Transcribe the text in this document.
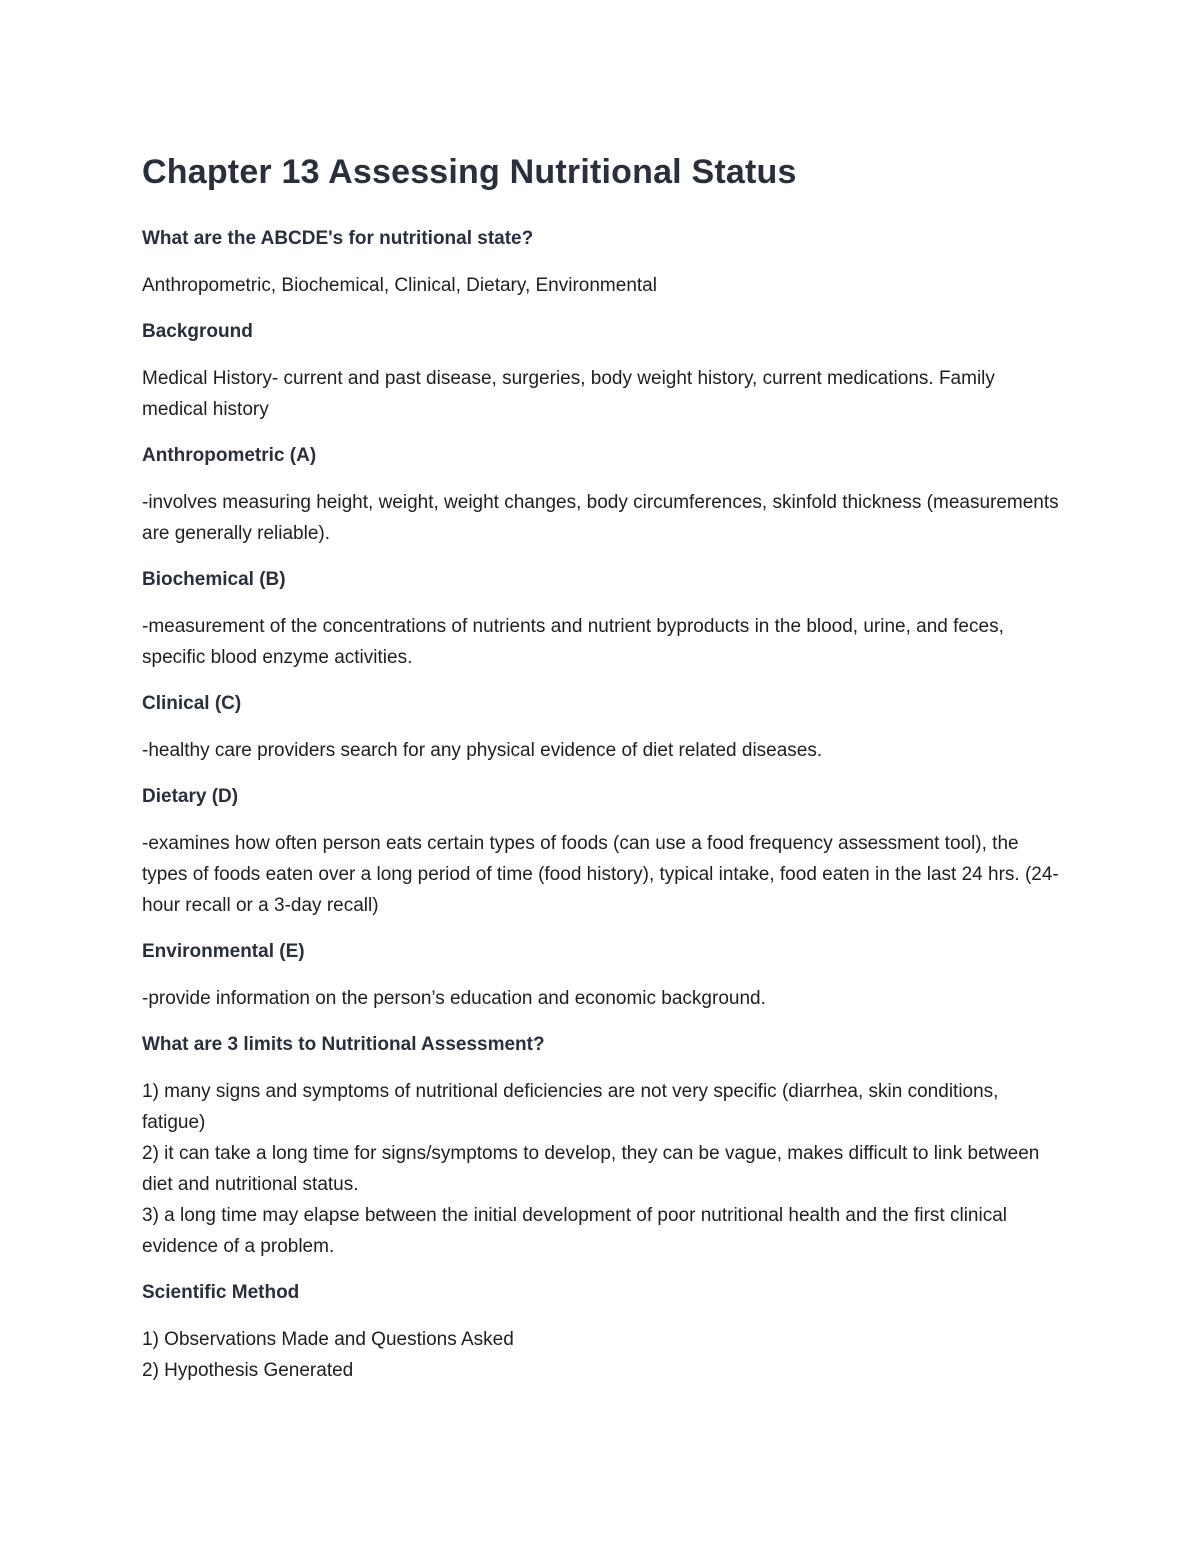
Chapter 13 Assessing Nutritional Status
What are the ABCDE's for nutritional state?
Anthropometric, Biochemical, Clinical, Dietary, Environmental
Background
Medical History- current and past disease, surgeries, body weight history, current medications. Family medical history
Anthropometric (A)
-involves measuring height, weight, weight changes, body circumferences, skinfold thickness (measurements are generally reliable).
Biochemical (B)
-measurement of the concentrations of nutrients and nutrient byproducts in the blood, urine, and feces, specific blood enzyme activities.
Clinical (C)
-healthy care providers search for any physical evidence of diet related diseases.
Dietary (D)
-examines how often person eats certain types of foods (can use a food frequency assessment tool), the types of foods eaten over a long period of time (food history), typical intake, food eaten in the last 24 hrs. (24-hour recall or a 3-day recall)
Environmental (E)
-provide information on the person’s education and economic background.
What are 3 limits to Nutritional Assessment?
1) many signs and symptoms of nutritional deficiencies are not very specific (diarrhea, skin conditions, fatigue)
2) it can take a long time for signs/symptoms to develop, they can be vague, makes difficult to link between diet and nutritional status.
3) a long time may elapse between the initial development of poor nutritional health and the first clinical evidence of a problem.
Scientific Method
1) Observations Made and Questions Asked
2) Hypothesis Generated
